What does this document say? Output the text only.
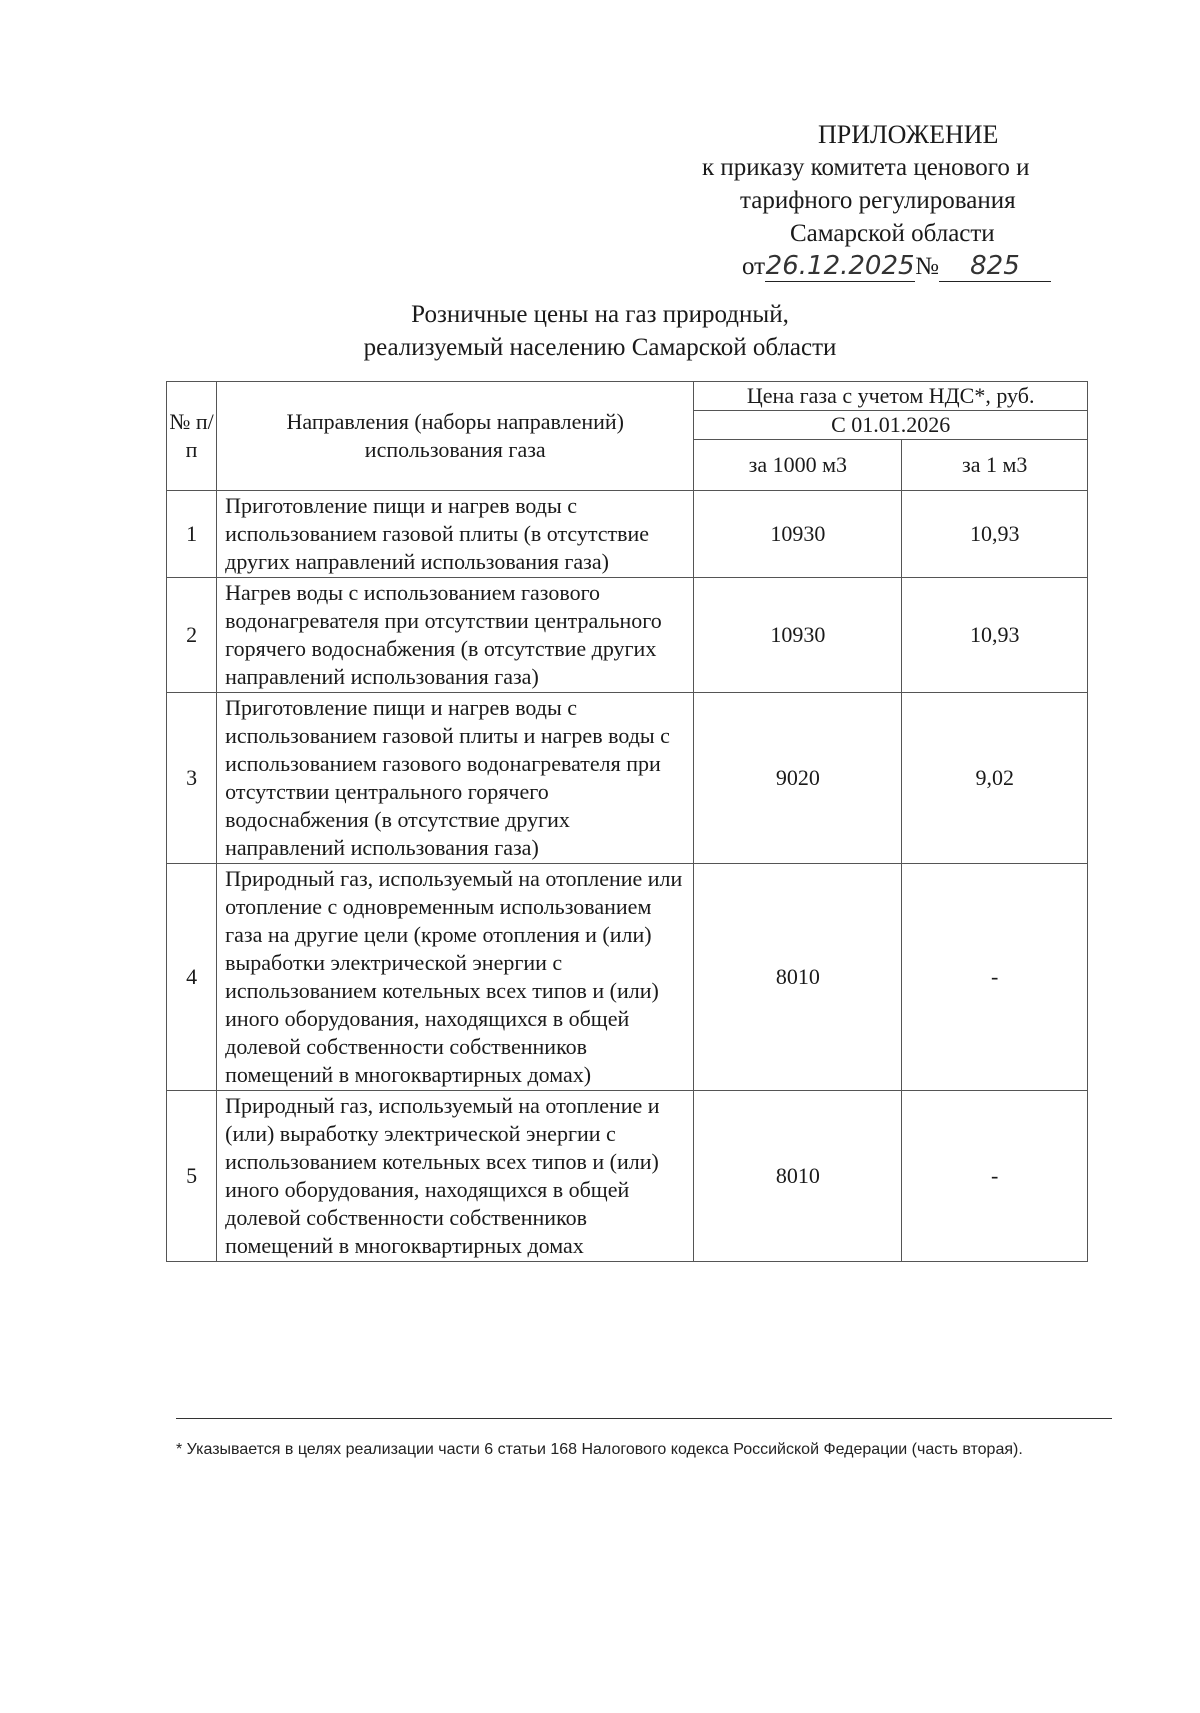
ПРИЛОЖЕНИЕ
к приказу комитета ценового и
тарифного регулирования
Самарской области
от26.12.2025№ 825
Розничные цены на газ природный,
реализуемый населению Самарской области
№ п/п	Направления (наборы направлений) использования газа	Цена газа с учетом НДС*, руб.	
		С 01.01.2026	
		за 1000 м3	за 1 м3
1	Приготовление пищи и нагрев воды с использованием газовой плиты (в отсутствие других направлений использования газа)	10930	10,93
2	Нагрев воды с использованием газового водонагревателя при отсутствии центрального горячего водоснабжения (в отсутствие других направлений использования газа)	10930	10,93
3	Приготовление пищи и нагрев воды с использованием газовой плиты и нагрев воды с использованием газового водонагревателя при отсутствии центрального горячего водоснабжения (в отсутствие других направлений использования газа)	9020	9,02
4	Природный газ, используемый на отопление или отопление с одновременным использованием газа на другие цели (кроме отопления и (или) выработки электрической энергии с использованием котельных всех типов и (или) иного оборудования, находящихся в общей долевой собственности собственников помещений в многоквартирных домах)	8010	-
5	Природный газ, используемый на отопление и (или) выработку электрической энергии с использованием котельных всех типов и (или) иного оборудования, находящихся в общей долевой собственности собственников помещений в многоквартирных домах	8010	-
* Указывается в целях реализации части 6 статьи 168 Налогового кодекса Российской Федерации (часть вторая).
